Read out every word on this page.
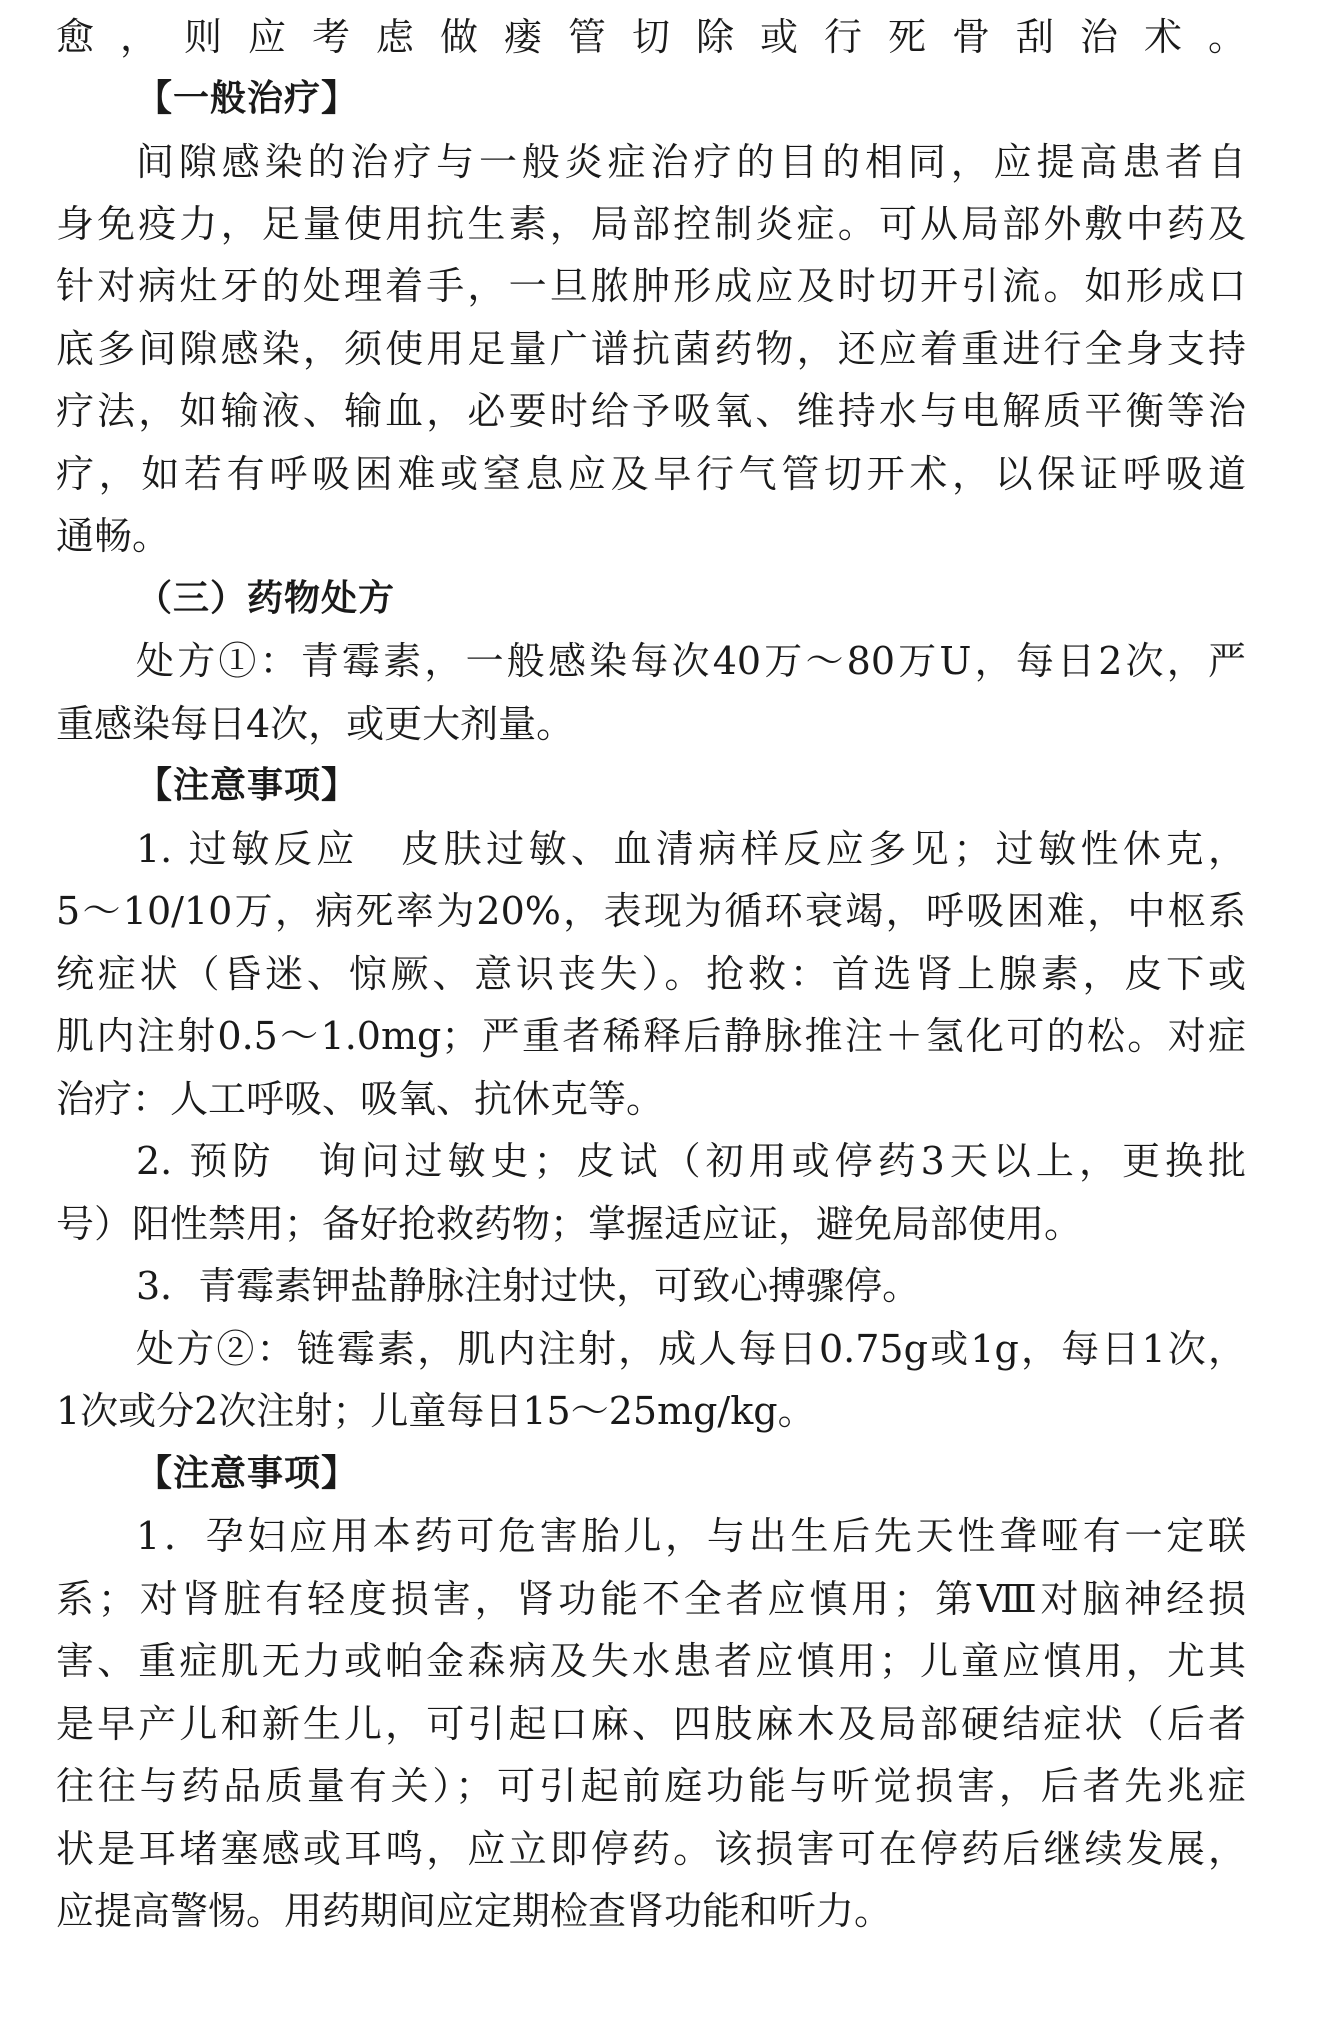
愈，则应考虑做瘘管切除或行死骨刮治术。
【一般治疗】
间隙感染的治疗与一般炎症治疗的目的相同，应提高患者自
身免疫力，足量使用抗生素，局部控制炎症。可从局部外敷中药及
针对病灶牙的处理着手，一旦脓肿形成应及时切开引流。如形成口
底多间隙感染，须使用足量广谱抗菌药物，还应着重进行全身支持
疗法，如输液、输血，必要时给予吸氧、维持水与电解质平衡等治
疗，如若有呼吸困难或窒息应及早行气管切开术，以保证呼吸道
通畅。
（三）药物处方
处方①：青霉素，一般感染每次40万～80万U，每日2次，严
重感染每日4次，或更大剂量。
【注意事项】
1. 过敏反应　皮肤过敏、血清病样反应多见；过敏性休克，
5～10/10万，病死率为20%，表现为循环衰竭，呼吸困难，中枢系
统症状（昏迷、惊厥、意识丧失）。抢救：首选肾上腺素，皮下或
肌内注射0.5～1.0mg；严重者稀释后静脉推注＋氢化可的松。对症
治疗：人工呼吸、吸氧、抗休克等。
2. 预防　询问过敏史；皮试（初用或停药3天以上，更换批
号）阳性禁用；备好抢救药物；掌握适应证，避免局部使用。
3．青霉素钾盐静脉注射过快，可致心搏骤停。
处方②：链霉素，肌内注射，成人每日0.75g或1g，每日1次，
1次或分2次注射；儿童每日15～25mg/kg。
【注意事项】
1．孕妇应用本药可危害胎儿，与出生后先天性聋哑有一定联
系；对肾脏有轻度损害，肾功能不全者应慎用；第Ⅷ对脑神经损
害、重症肌无力或帕金森病及失水患者应慎用；儿童应慎用，尤其
是早产儿和新生儿，可引起口麻、四肢麻木及局部硬结症状（后者
往往与药品质量有关）；可引起前庭功能与听觉损害，后者先兆症
状是耳堵塞感或耳鸣，应立即停药。该损害可在停药后继续发展，
应提高警惕。用药期间应定期检查肾功能和听力。
